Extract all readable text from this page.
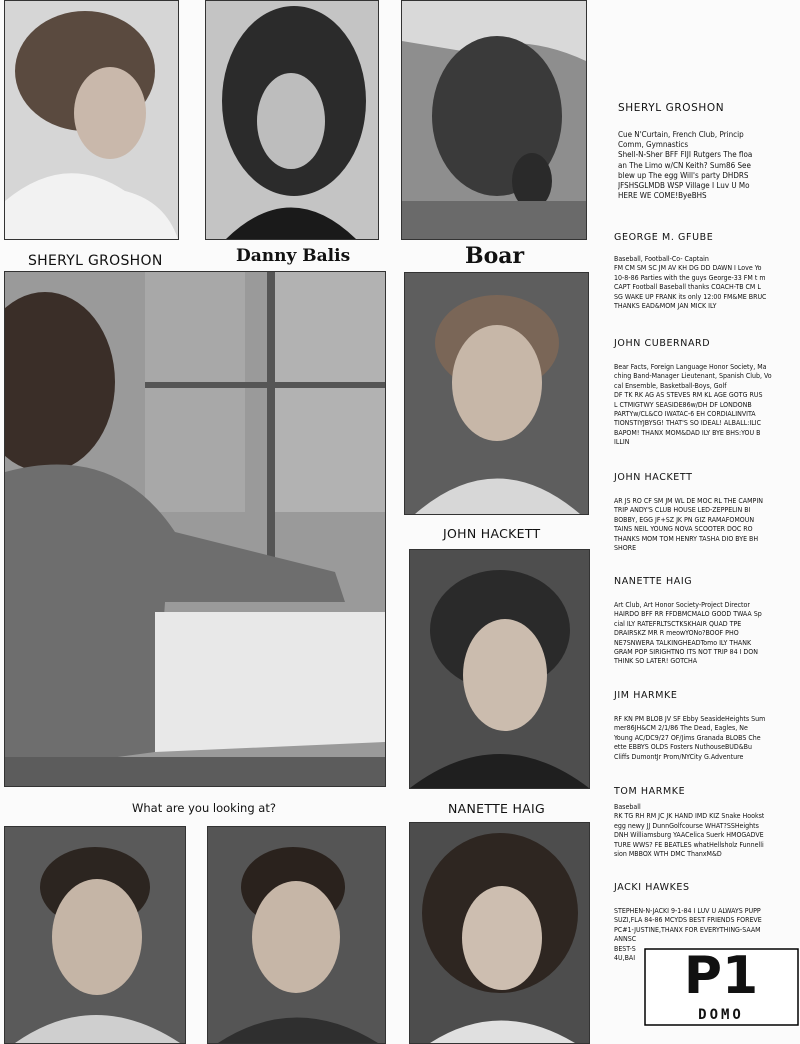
SHERYL GROSHON	Danny Balis	Boar

What are you looking at?

JOHN HACKETT

NANETTE HAIG

SHERYL GROSHON

Cue N'Curtain, French Club, Princip
Comm, Gymnastics
Shell-N-Sher BFF FIJI Rutgers The floa
an The Limo w/CN Keith? Sum86 See
blew up The egg Will's party DHDRS
JFSHSGLMDB WSP Village I Luv U Mo
HERE WE COME!ByeBHS

GEORGE M. GFUBE

Baseball, Football-Co- Captain
FM CM SM SC JM AV KH DG DD DAWN I Love Yo
10-8-86 Parties with the guys George-33 FM t m
CAPT Football Baseball thanks COACH-TB CM L
SG WAKE UP FRANK its only 12:00 FM&ME BRUC
THANKS EAD&MOM JAN MICK ILY

JOHN CUBERNARD

Bear Facts, Foreign Language Honor Society, Ma
ching Band-Manager Lieutenant, Spanish Club, Vo
cal Ensemble, Basketball-Boys, Golf
DF TK RK AG AS STEVES RM KL AGE GOTG RUS
L CTMIGTWY SEASIDE86w/DH DF LONDONB
PARTYw/CL&CO IWATAC-6 EH CORDIALINVITA
TIONSTIYJBYSG! THAT'S SO IDEAL! ALBALL:ILIC
BAPOM! THANX MOM&DAD ILY BYE BHS:YOU B
ILLIN

JOHN HACKETT

AR JS RO CF SM JM WL DE MOC RL THE CAMPIN
TRIP ANDY'S CLUB HOUSE LED-ZEPPELIN BI
BOBBY, EGG JF+SZ JK PN GIZ RAMAFOMOUN
TAINS NEIL YOUNG NOVA SCOOTER DOC RO
THANKS MOM TOM HENRY TASHA DIO BYE BH
SHORE

NANETTE HAIG

Art Club, Art Honor Society-Project Director
HAIRDO BFF RR FFDBMCMALO GOOD TWAA Sp
cial ILY RATEFRLTSCTKSKHAIR QUAD TPE
DRAIRSKZ MR R meowYONo?BOOF PHO
NE7SNWERA TALKINGHEADTomo ILY THANK
GRAM POP SIRIGHTNO ITS NOT TRIP 84 I DON
THINK SO LATER! GOTCHA

JIM HARMKE

RF KN PM BLOB JV SF Ebby SeasideHeights Sum
mer86JH&CM 2/1/86 The Dead, Eagles, Ne
Young AC/DC9/27 OF/Jims Granada BLOBS Che
ette EBBYS OLDS Fosters NuthouseBUD&Bu
Cliffs DumontJr Prom/NYCity G.Adventure

TOM HARMKE

Baseball
RK TG RH RM JC JK HAND IMD KIZ Snake Hookst
egg newy JJ DunnGolfcourse WHAT?SSHeights
DNH Williamsburg YAACelica Suerk HMOGADVE
TURE WWS? FE BEATLES whatHellsholz Funnelli
sion MBBOX WTH DMC ThanxM&D

JACKI HAWKES

STEPHEN-N-JACKI 9-1-84 I LUV U ALWAYS PUPP
SUZI,FLA 84-86 MCYDS BEST FRIENDS FOREVE
PC#1-JUSTINE,THANX FOR EVERYTHING-SAAM
ANNSC
BEST-S
4U,BAI P1
DOMO
